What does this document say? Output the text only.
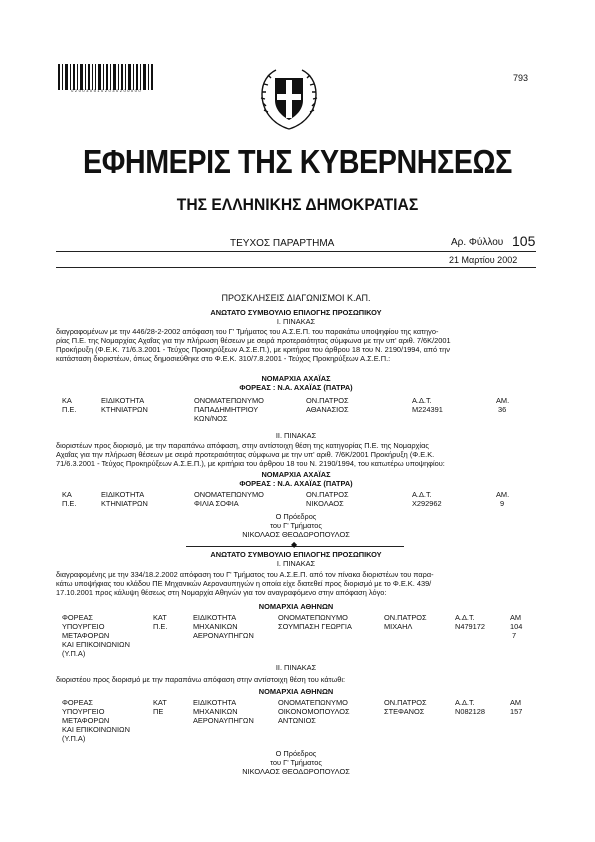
0 2 0 0 3 0 5 1 0 2 0 3 0 2 0 0 0 0 0
793
ΕΦΗΜΕΡΙΣ ΤΗΣ ΚΥΒΕΡΝΗΣΕΩΣ
ΤΗΣ ΕΛΛΗΝΙΚΗΣ ΔΗΜΟΚΡΑΤΙΑΣ
ΤΕΥΧΟΣ ΠΑΡΑΡΤΗΜΑ	Αρ. Φύλλου 105
21 Μαρτίου 2002
ΠΡΟΣΚΛΗΣΕΙΣ ΔΙΑΓΩΝΙΣΜΟΙ Κ.ΑΠ.
ΑΝΩΤΑΤΟ ΣΥΜΒΟΥΛΙΟ ΕΠΙΛΟΓΗΣ ΠΡΟΣΩΠΙΚΟΥ
Ι. ΠΙΝΑΚΑΣ
διαγραφομένων με την 446/28-2-2002 απόφαση του Γ' Τμήματος του Α.Σ.Ε.Π. του παρακάτω υποψηφίου της κατηγο-
ρίας Π.Ε. της Νομαρχίας Αχαΐας για την πλήρωση θέσεων με σειρά προτεραιότητας σύμφωνα με την υπ' αριθ. 7/6Κ/2001
Προκήρυξη (Φ.Ε.Κ. 71/6.3.2001 - Τεύχος Προκηρύξεων Α.Σ.Ε.Π.), με κριτήρια του άρθρου 18 του Ν. 2190/1994, από την
κατάσταση διοριστέων, όπως δημοσιεύθηκε στο Φ.Ε.Κ. 310/7.8.2001 - Τεύχος Προκηρύξεων Α.Σ.Ε.Π.:
ΝΟΜΑΡΧΙΑ ΑΧΑΪΑΣ
ΦΟΡΕΑΣ : Ν.Α. ΑΧΑΪΑΣ (ΠΑΤΡΑ)
ΚΑ	ΕΙΔΙΚΟΤΗΤΑ	ΟΝΟΜΑΤΕΠΩΝΥΜΟ	ΟΝ.ΠΑΤΡΟΣ	Α.Δ.Τ.	ΑΜ.
Π.Ε.	ΚΤΗΝΙΑΤΡΩΝ	ΠΑΠΑΔΗΜΗΤΡΙΟΥ	ΑΘΑΝΑΣΙΟΣ	Μ224391	36
ΚΩΝ/ΝΟΣ
ΙΙ. ΠΙΝΑΚΑΣ
διοριστέων προς διορισμό, με την παραπάνω απόφαση, στην αντίστοιχη θέση της κατηγορίας Π.Ε. της Νομαρχίας
Αχαΐας για την πλήρωση θέσεων με σειρά προτεραιότητας σύμφωνα με την υπ' αριθ. 7/6Κ/2001 Προκήρυξη (Φ.Ε.Κ.
71/6.3.2001 - Τεύχος Προκηρύξεων Α.Σ.Ε.Π.), με κριτήρια του άρθρου 18 του Ν. 2190/1994, του κατωτέρω υποψηφίου:
ΝΟΜΑΡΧΙΑ ΑΧΑΪΑΣ
ΦΟΡΕΑΣ : Ν.Α. ΑΧΑΪΑΣ (ΠΑΤΡΑ)
ΚΑ	ΕΙΔΙΚΟΤΗΤΑ	ΟΝΟΜΑΤΕΠΩΝΥΜΟ	ΟΝ.ΠΑΤΡΟΣ	Α.Δ.Τ.	ΑΜ.
Π.Ε.	ΚΤΗΝΙΑΤΡΩΝ	ΦΙΛΙΑ ΣΟΦΙΑ	ΝΙΚΟΛΑΟΣ	Χ292962	9
Ο Πρόεδρος
του Γ' Τμήματος
ΝΙΚΟΛΑΟΣ ΘΕΟΔΩΡΟΠΟΥΛΟΣ
◆
ΑΝΩΤΑΤΟ ΣΥΜΒΟΥΛΙΟ ΕΠΙΛΟΓΗΣ ΠΡΟΣΩΠΙΚΟΥ
Ι. ΠΙΝΑΚΑΣ
διαγραφομένης με την 334/18.2.2002 απόφαση του Γ' Τμήματος του Α.Σ.Ε.Π. από τον πίνακα διοριστέων του παρα-
κάτω υποψήφιας του κλάδου ΠΕ Μηχανικών Αεροναυπηγών η οποία είχε διατεθεί προς διορισμό με το Φ.Ε.Κ. 439/
17.10.2001 προς κάλυψη θέσεως στη Νομαρχία Αθηνών για τον αναγραφόμενο στην απόφαση λόγο:
ΝΟΜΑΡΧΙΑ ΑΘΗΝΩΝ
ΦΟΡΕΑΣ	ΚΑΤ	ΕΙΔΙΚΟΤΗΤΑ	ΟΝΟΜΑΤΕΠΩΝΥΜΟ	ΟΝ.ΠΑΤΡΟΣ	Α.Δ.Τ.	ΑΜ
ΥΠΟΥΡΓΕΙΟ	Π.Ε.	ΜΗΧΑΝΙΚΩΝ	ΣΟΥΜΠΑΣΗ ΓΕΩΡΓΙΑ	ΜΙΧΑΗΛ	Ν479172	104
ΜΕΤΑΦΟΡΩΝ	ΑΕΡΟΝΑΥΠΗΓΩΝ	7
ΚΑΙ ΕΠΙΚΟΙΝΩΝΙΩΝ
(Υ.Π.Α)
ΙΙ. ΠΙΝΑΚΑΣ
διοριστέου προς διορισμό με την παραπάνω απόφαση στην αντίστοιχη θέση του κάτωθι:
ΝΟΜΑΡΧΙΑ ΑΘΗΝΩΝ
ΦΟΡΕΑΣ	ΚΑΤ	ΕΙΔΙΚΟΤΗΤΑ	ΟΝΟΜΑΤΕΠΩΝΥΜΟ	ΟΝ.ΠΑΤΡΟΣ	Α.Δ.Τ.	ΑΜ
ΥΠΟΥΡΓΕΙΟ	ΠΕ	ΜΗΧΑΝΙΚΩΝ	ΟΙΚΟΝΟΜΟΠΟΥΛΟΣ	ΣΤΕΦΑΝΟΣ	Ν082128	157
ΜΕΤΑΦΟΡΩΝ	ΑΕΡΟΝΑΥΠΗΓΩΝ	ΑΝΤΩΝΙΟΣ
ΚΑΙ ΕΠΙΚΟΙΝΩΝΙΩΝ
(Υ.Π.Α)
Ο Πρόεδρος
του Γ' Τμήματος
ΝΙΚΟΛΑΟΣ ΘΕΟΔΩΡΟΠΟΥΛΟΣ
